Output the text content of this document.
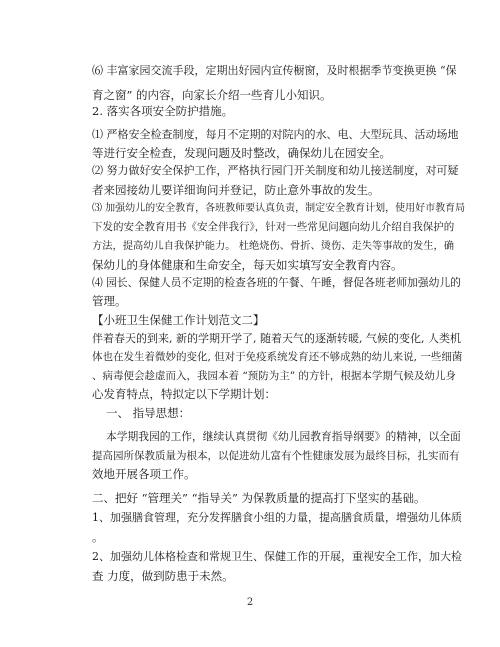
⑹ 丰富家园交流手段，定期出好园内宣传橱窗，及时根据季节变换更换 “保
育之窗” 的内容，向家长介绍一些育儿小知识。
2. 落实各项安全防护措施。
⑴ 严格安全检查制度，每月不定期的对院内的水、电、大型玩具、活动场地
等进行安全检查，发现问题及时整改，确保幼儿在园安全。
⑵ 努力做好安全保护工作，严格执行园门开关制度和幼儿接送制度，对可疑
者来园接幼儿要详细询问并登记，防止意外事故的发生。
⑶ 加强幼儿的安全教育，各班教师要认真负责，制定安全教育计划，使用好市教育局
下发的安全教育用书《安全伴我行》，针对一些常见问题向幼儿介绍自我保护的
方法，提高幼儿自我保护能力。 杜绝烧伤、骨折、烫伤、走失等事故的发生，确
保幼儿的身体健康和生命安全，每天如实填写安全教育内容。
⑷ 园长、保健人员不定期的检查各班的午餐、午睡，督促各班老师加强幼儿的
管理。
【小班卫生保健工作计划范文二】
伴着春天的到来, 新的学期开学了, 随着天气的逐渐转暖, 气候的变化, 人类机
体也在发生着微妙的变化, 但对于免疫系统发育还不够成熟的幼儿来说, 一些细菌
、病毒便会趁虚而入，我园本着 “预防为主” 的方针，根据本学期气候及幼儿身
心发育特点，特拟定以下学期计划：
一、 指导思想：
本学期我园的工作，继续认真贯彻《幼儿园教育指导纲要》的精神，以全面
提高园所保教质量为根本，以促进幼儿富有个性健康发展为最终目标，扎实而有
效地开展各项工作。
二、把好 “管理关” “指导关” 为保教质量的提高打下坚实的基础。
1、加强膳食管理，充分发挥膳食小组的力量，提高膳食质量，增强幼儿体质
。
2、加强幼儿体格检查和常规卫生、保健工作的开展，重视安全工作，加大检
查 力度，做到防患于未然。
2
